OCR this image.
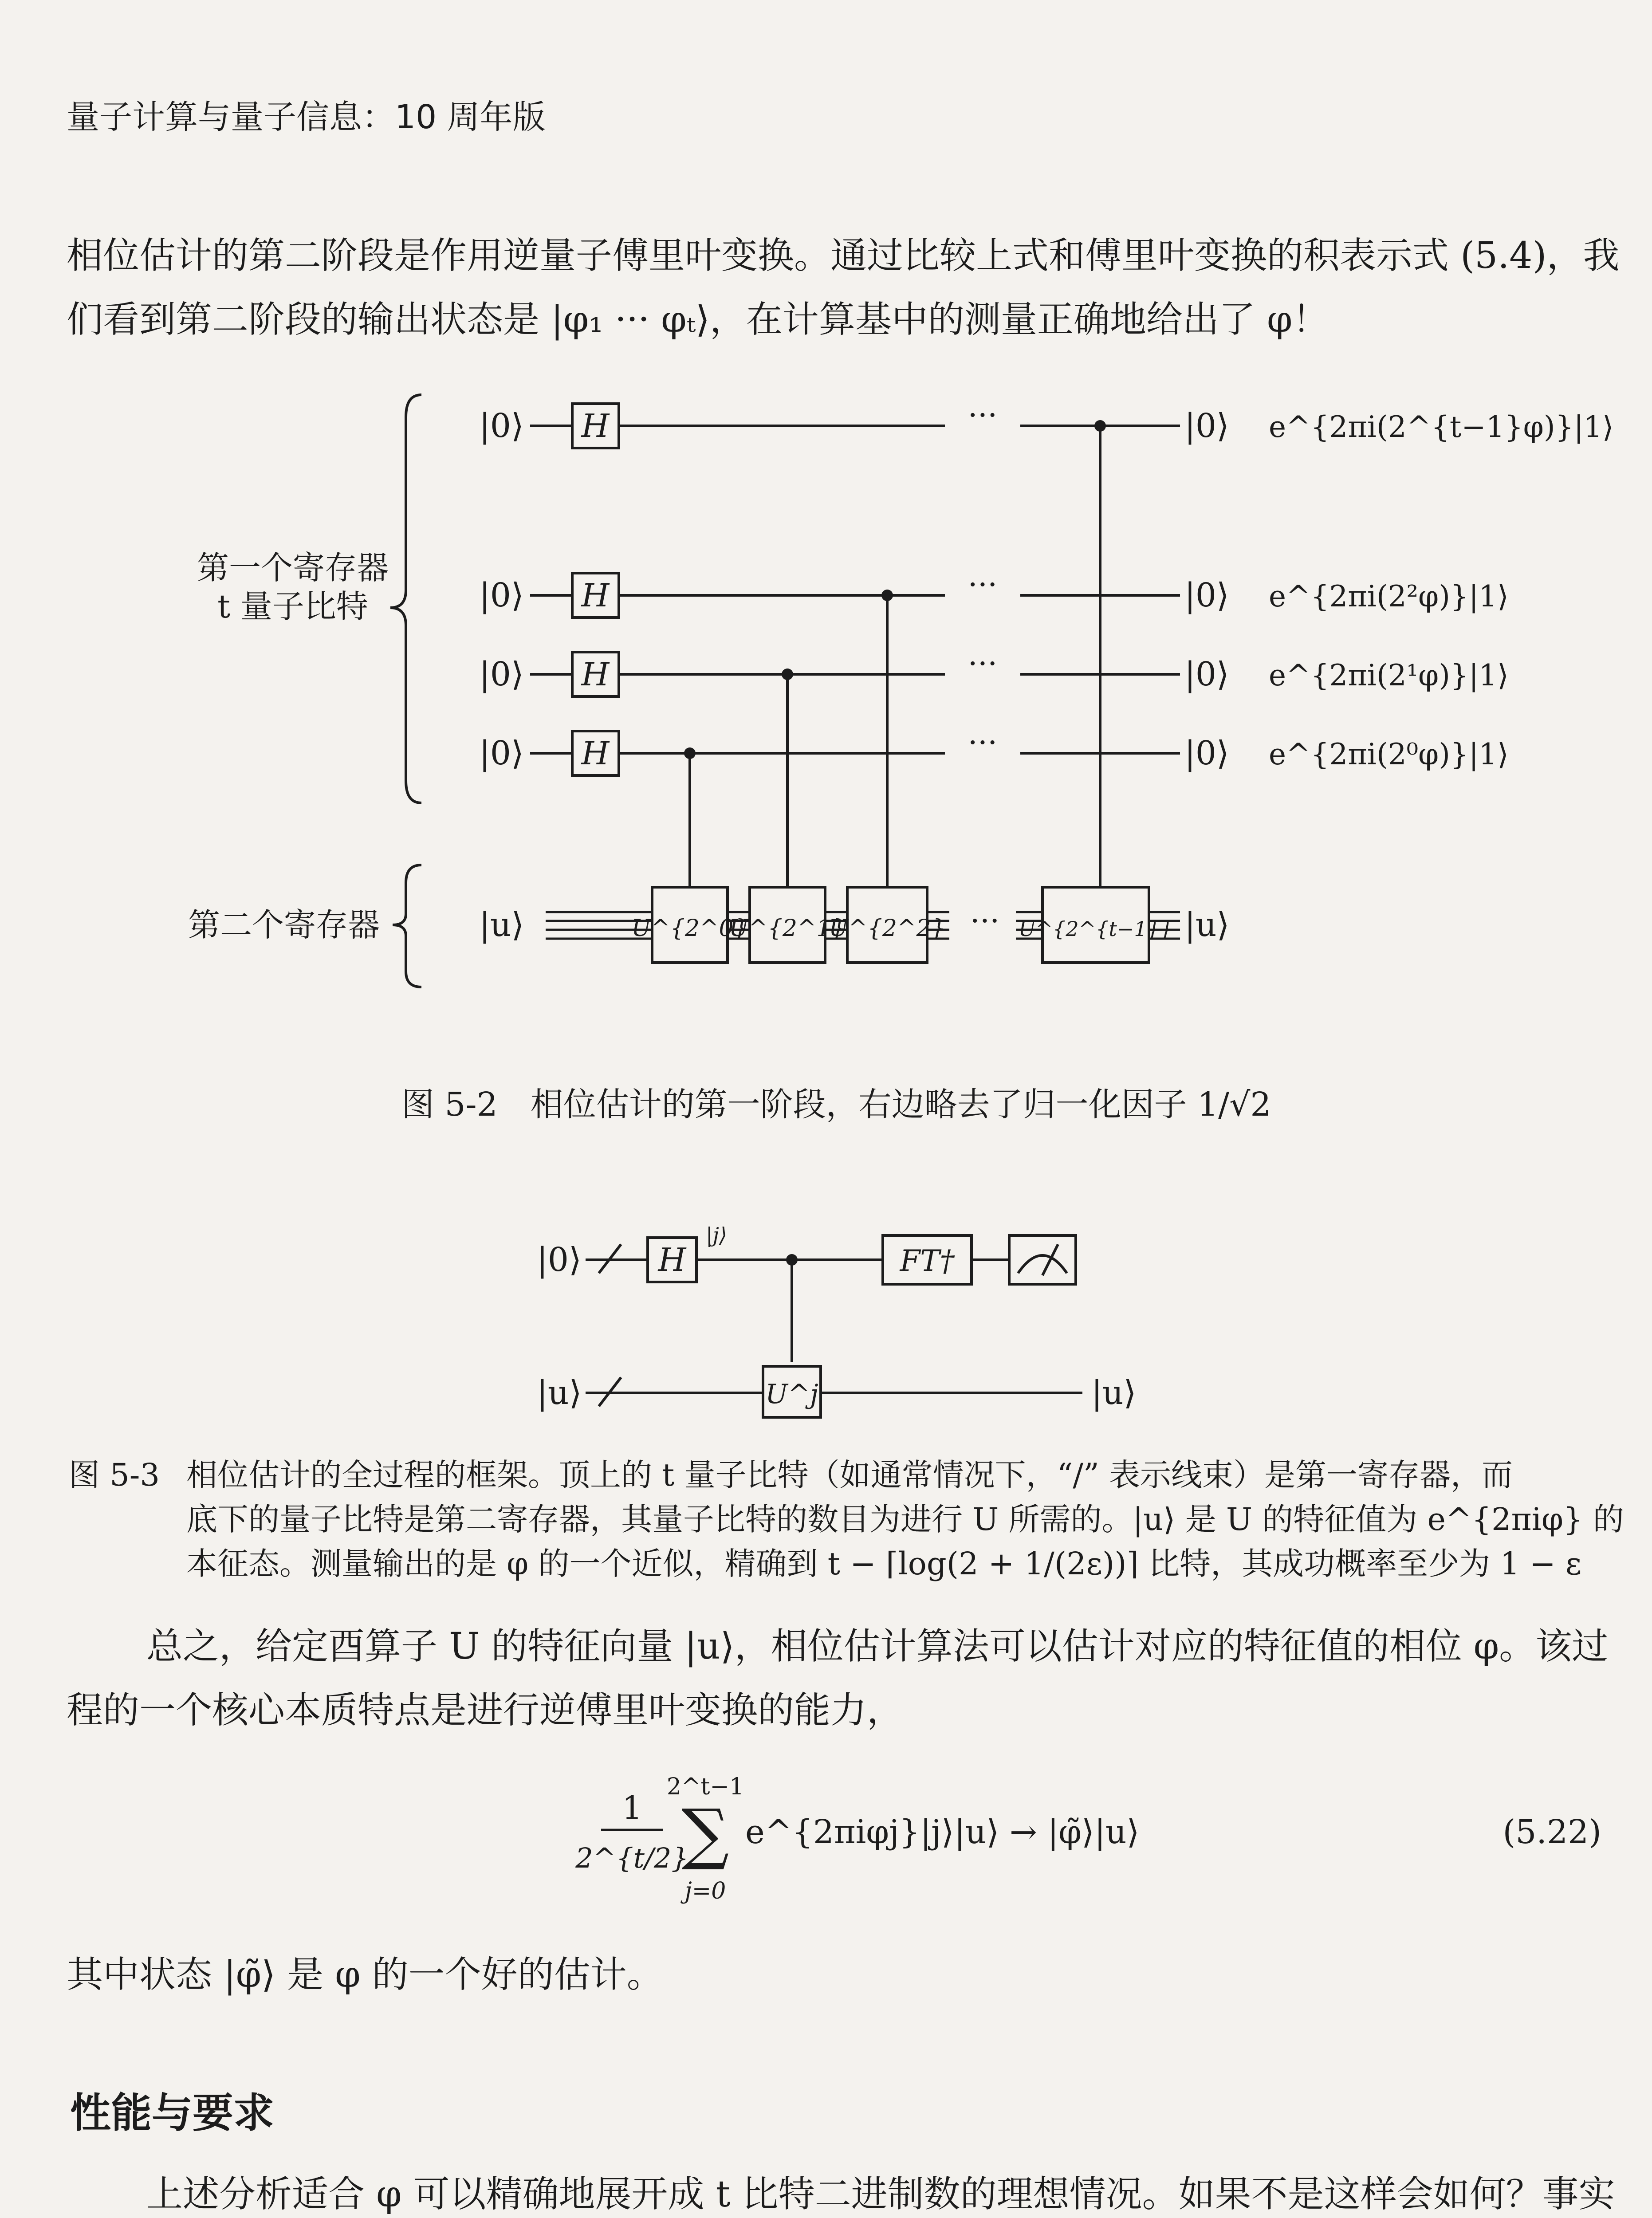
量子计算与量子信息：10 周年版
相位估计的第二阶段是作用逆量子傅里叶变换。通过比较上式和傅里叶变换的积表示式 (5.4)，我
们看到第二阶段的输出状态是 |φ₁ ··· φₜ⟩，在计算基中的测量正确地给出了 φ！
第一个寄存器
t 量子比特
第二个寄存器
|0⟩
|0⟩
|0⟩
|0⟩
|u⟩
H
H
H
H
···
···
···
···
···
|0⟩
|0⟩
|0⟩
|0⟩
|u⟩
e^{2πi(2^{t−1}φ)}|1⟩
e^{2πi(2²φ)}|1⟩
e^{2πi(2¹φ)}|1⟩
e^{2πi(2⁰φ)}|1⟩
U^{2^0}
U^{2^1}
U^{2^2}	U^{2^{t−1}}
图 5-2　相位估计的第一阶段，右边略去了归一化因子 1/√2
|0⟩
|u⟩
H
|j⟩
FT†
U^j	|u⟩
图 5-3 相位估计的全过程的框架。顶上的 t 量子比特（如通常情况下，“/” 表示线束）是第一寄存器，而
底下的量子比特是第二寄存器，其量子比特的数目为进行 U 所需的。|u⟩ 是 U 的特征值为 e^{2πiφ} 的
本征态。测量输出的是 φ 的一个近似，精确到 t − ⌈log(2 + 1/(2ε))⌉ 比特，其成功概率至少为 1 − ε
总之，给定酉算子 U 的特征向量 |u⟩，相位估计算法可以估计对应的特征值的相位 φ。该过
程的一个核心本质特点是进行逆傅里叶变换的能力，
1
2^{t/2}
2^t−1
∑
j=0
e^{2πiφj}|j⟩|u⟩ → |φ̃⟩|u⟩	(5.22)
其中状态 |φ̃⟩ 是 φ 的一个好的估计。
性能与要求
上述分析适合 φ 可以精确地展开成 t 比特二进制数的理想情况。如果不是这样会如何？事实
